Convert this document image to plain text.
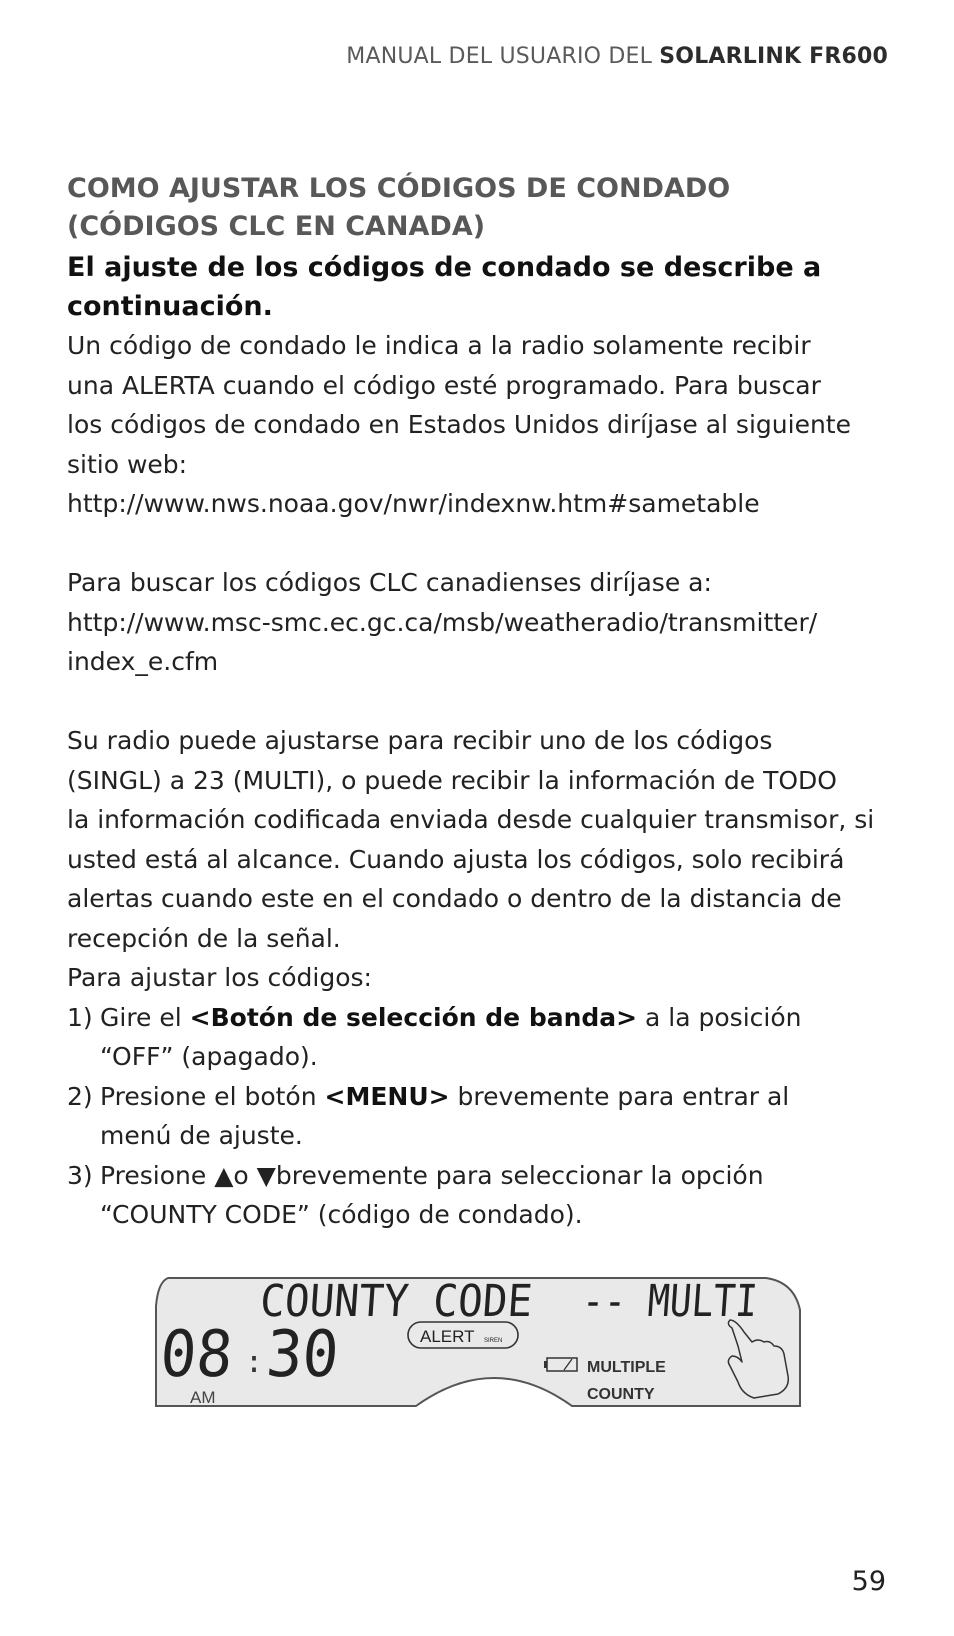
MANUAL DEL USUARIO DEL SOLARLINK FR600
COMO AJUSTAR LOS CÓDIGOS DE CONDADO
(CÓDIGOS CLC EN CANADA)
El ajuste de los códigos de condado se describe a
continuación.

Un código de condado le indica a la radio solamente recibir
una ALERTA cuando el código esté programado. Para buscar
los códigos de condado en Estados Unidos diríjase al siguiente
sitio web:
http://www.nws.noaa.gov/nwr/indexnw.htm#sametable

Para buscar los códigos CLC canadienses diríjase a:
http://www.msc-smc.ec.gc.ca/msb/weatheradio/transmitter/
index_e.cfm

Su radio puede ajustarse para recibir uno de los códigos
(SINGL) a 23 (MULTI), o puede recibir la información de TODO
la información codificada enviada desde cualquier transmisor, si
usted está al alcance. Cuando ajusta los códigos, solo recibirá
alertas cuando este en el condado o dentro de la distancia de
recepción de la señal.
Para ajustar los códigos:

1) Gire el <Botón de selección de banda> a la posición
“OFF” (apagado).
2) Presione el botón <MENU> brevemente para entrar al
menú de ajuste.
3) Presione ▲o ▼brevemente para seleccionar la opción
“COUNTY CODE” (código de condado).
COUNTY CODE -- MULTI
08 : 30
AM
ALERT SIREN
MULTIPLE
COUNTY
59
